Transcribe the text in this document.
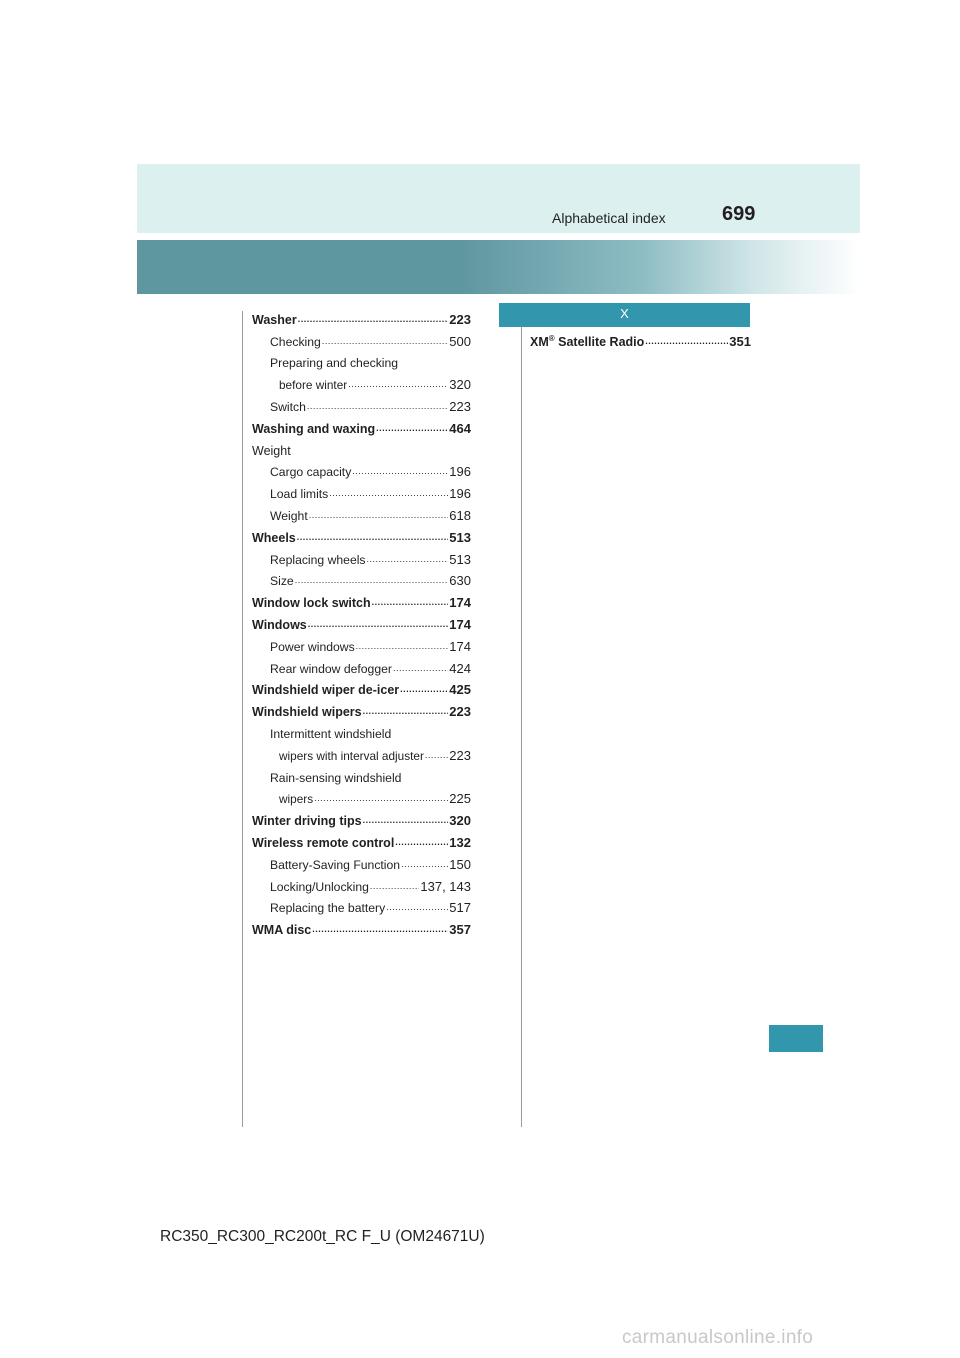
Alphabetical index	699
Washer .....	223
Checking .....	500
Preparing and checking
before winter .....	320
Switch .....	223
Washing and waxing .....	464
Weight
Cargo capacity .....	196
Load limits .....	196
Weight .....	618
Wheels .....	513
Replacing wheels .....	513
Size .....	630
Window lock switch .....	174
Windows .....	174
Power windows .....	174
Rear window defogger .....	424
Windshield wiper de-icer .....	425
Windshield wipers .....	223
Intermittent windshield
wipers with interval adjuster ..... 223
Rain-sensing windshield
wipers .....	225
Winter driving tips .....	320
Wireless remote control .....	132
Battery-Saving Function .....	150
Locking/Unlocking .....	137, 143
Replacing the battery .....	517
WMA disc .....	357
X
XM® Satellite Radio .....	351
RC350_RC300_RC200t_RC F_U (OM24671U)
carmanualsonline.info
